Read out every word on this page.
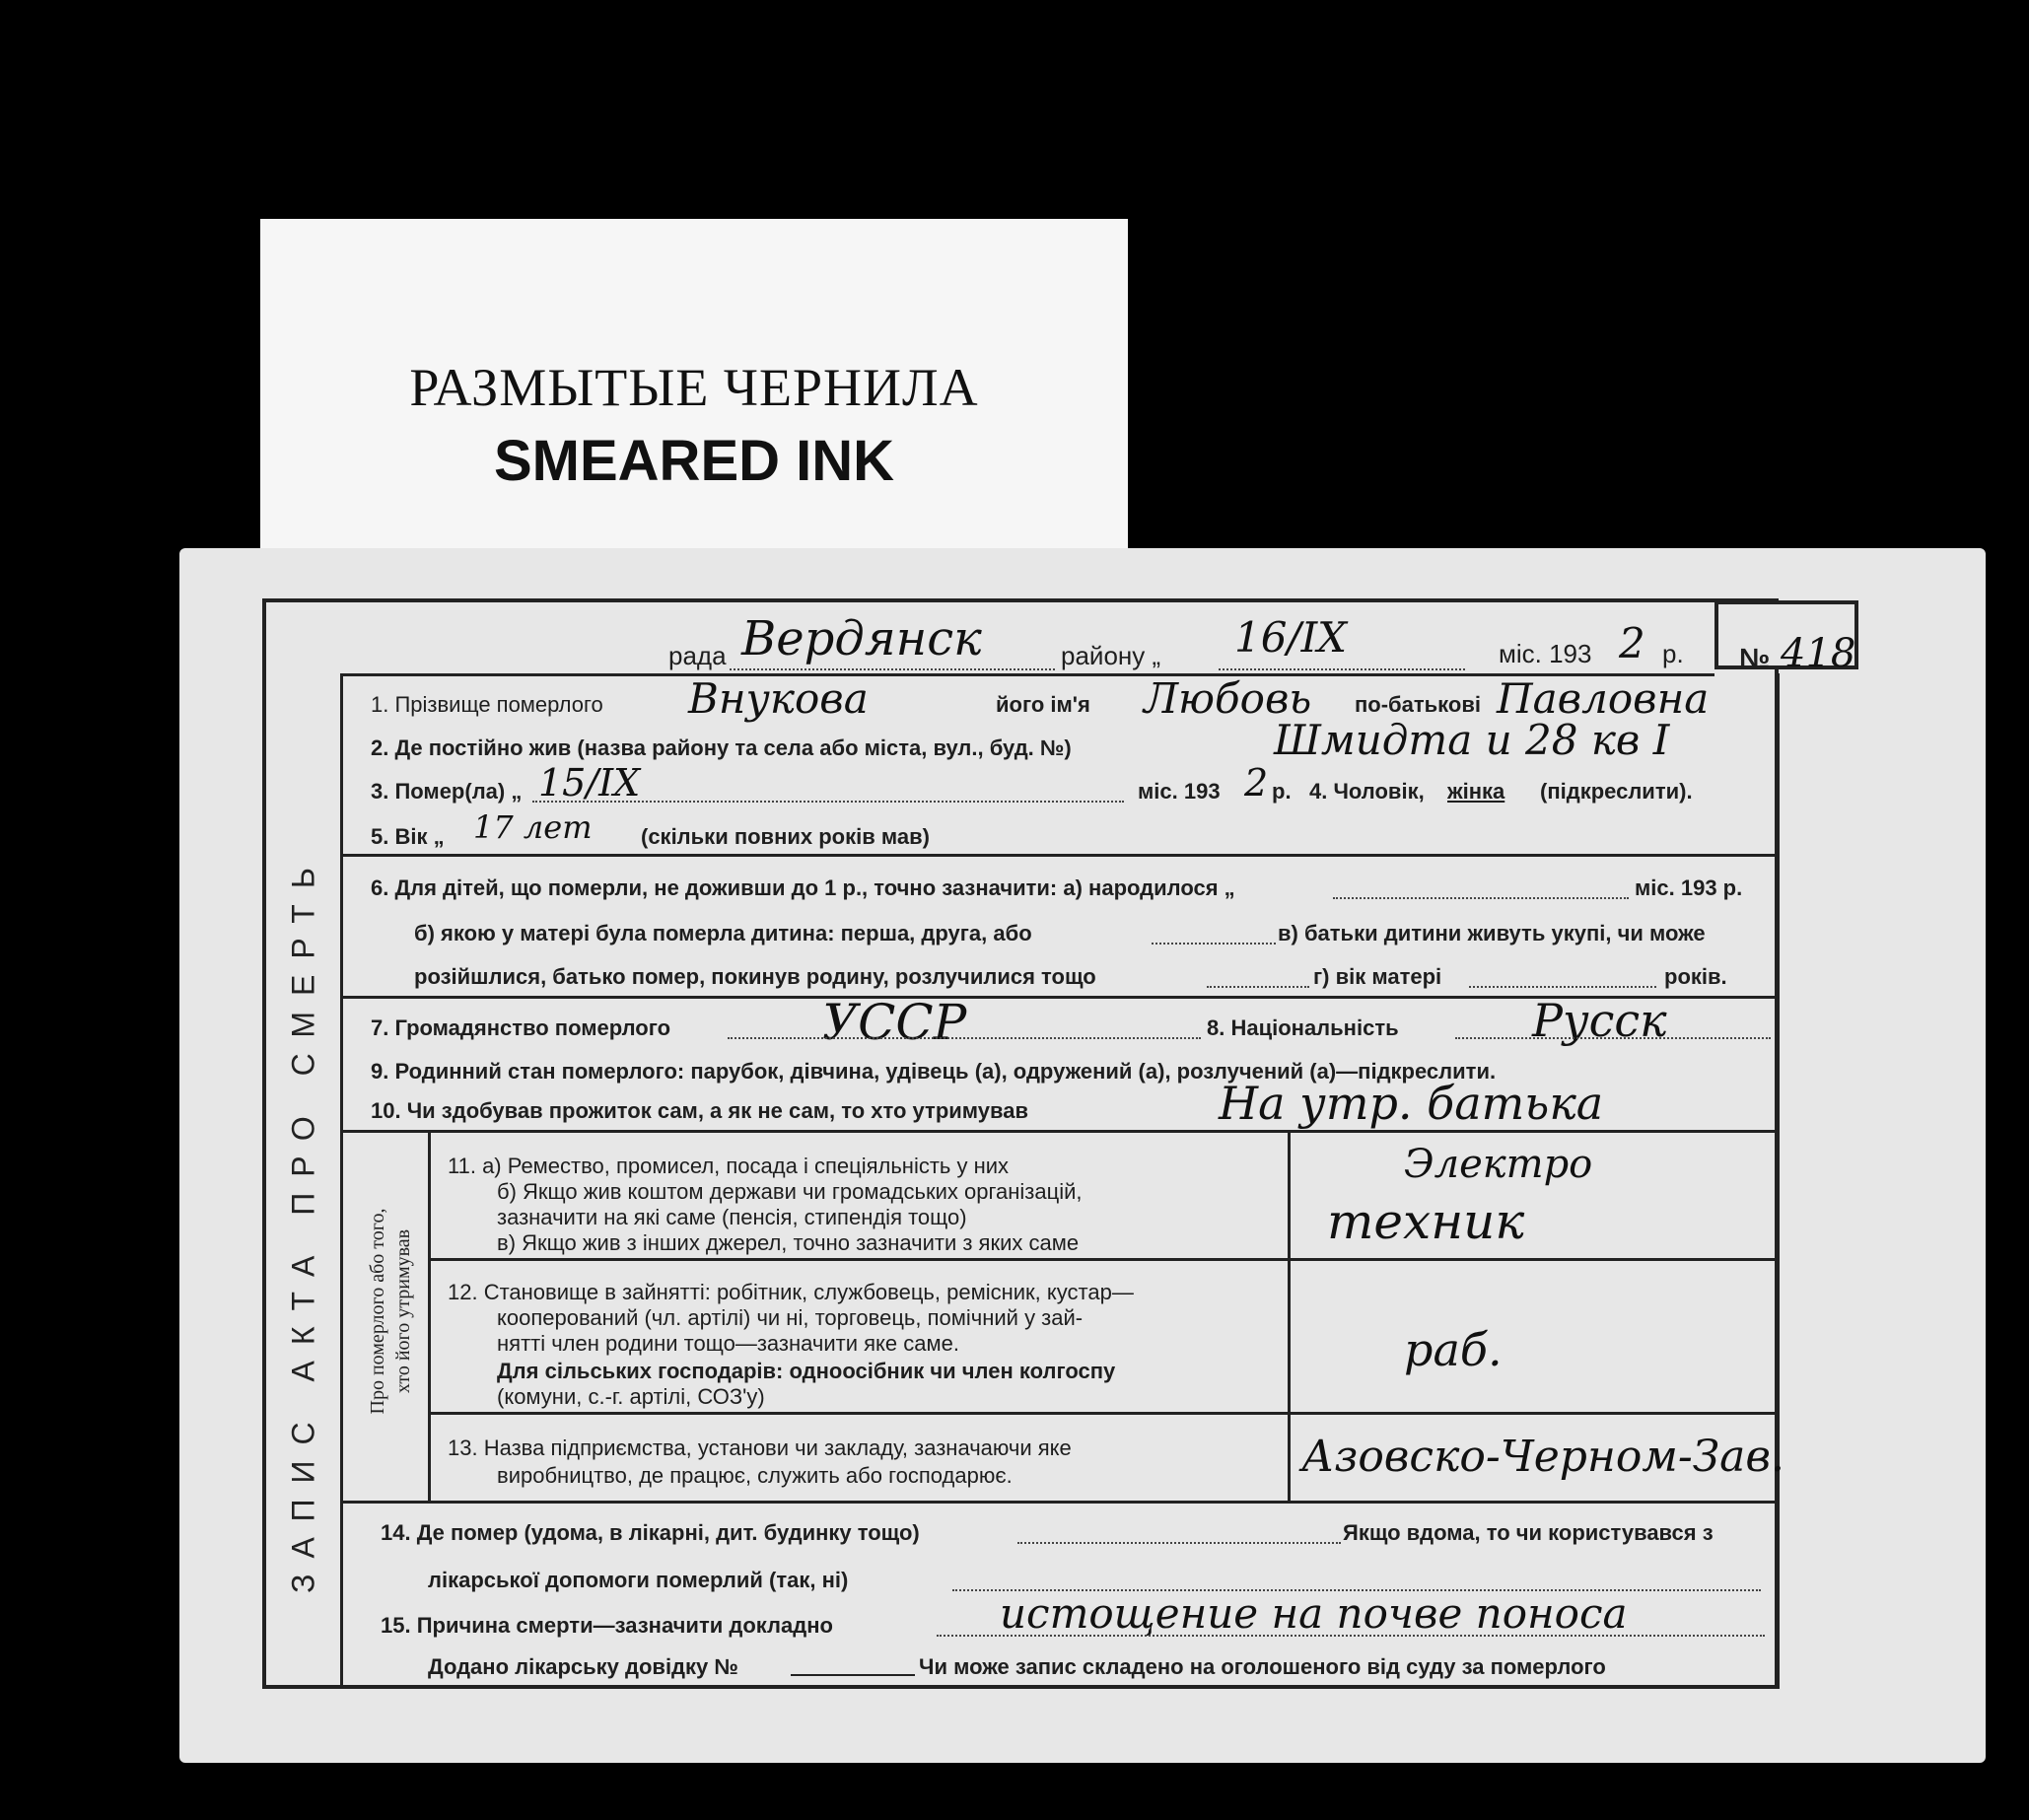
РАЗМЫТЫЕ ЧЕРНИЛА
SMEARED INK
ЗАПИС АКТА ПРО СМЕРТЬ
№ 418
рада Вердянск	району „ 16/IX	міс. 193 2 р.
1. Прізвище померлого Внукова	його ім'я Любовь по-батькові Павловна
2. Де постійно жив (назва району та села або міста, вул., буд. №)	Шмидта и 28 кв I
3. Помер(ла) „ 15/IX	міс. 193 2 р. 4. Чоловік, жінка (підкреслити).
5. Вік „ 17 лет (скільки повних років мав)
6. Для дітей, що померли, не доживши до 1 р., точно зазначити: а) народилося „	міс. 193 р.
б) якою у матері була померла дитина: перша, друга, або	в) батьки дитини живуть укупі, чи може
розійшлися, батько помер, покинув родину, розлучилися тощо	г) вік матері	років.
7. Громадянство померлого	УССР	8. Національність	Русск
9. Родинний стан померлого: парубок, дівчина, удівець (а), одружений (а), розлучений (а)—підкреслити.
10. Чи здобував прожиток сам, а як не сам, то хто утримував	На утр. батька
Про померлого або того, хто його утримував
11. а) Ремество, промисел, посада і спеціяльність у них
б) Якщо жив коштом держави чи громадських організацій,
зазначити на які саме (пенсія, стипендія тощо)
в) Якщо жив з інших джерел, точно зазначити з яких саме
Электро
техник
12. Становище в зайнятті: робітник, службовець, ремісник, кустар—
кооперований (чл. артілі) чи ні, торговець, помічний у зай-
нятті член родини тощо—зазначити яке саме.
Для сільських господарів: одноосібник чи член колгоспу
(комуни, с.-г. артілі, СОЗ'у)
раб.
13. Назва підприємства, установи чи закладу, зазначаючи яке
виробництво, де працює, служить або господарює.	Азовско-Черном-Зав.
14. Де помер (удома, в лікарні, дит. будинку тощо)	Якщо вдома, то чи користувався з
лікарської допомоги померлий (так, ні)
15. Причина смерти—зазначити докладно	истощение на почве поноса
Додано лікарську довідку №	Чи може запис складено на оголошеного від суду за померлого
